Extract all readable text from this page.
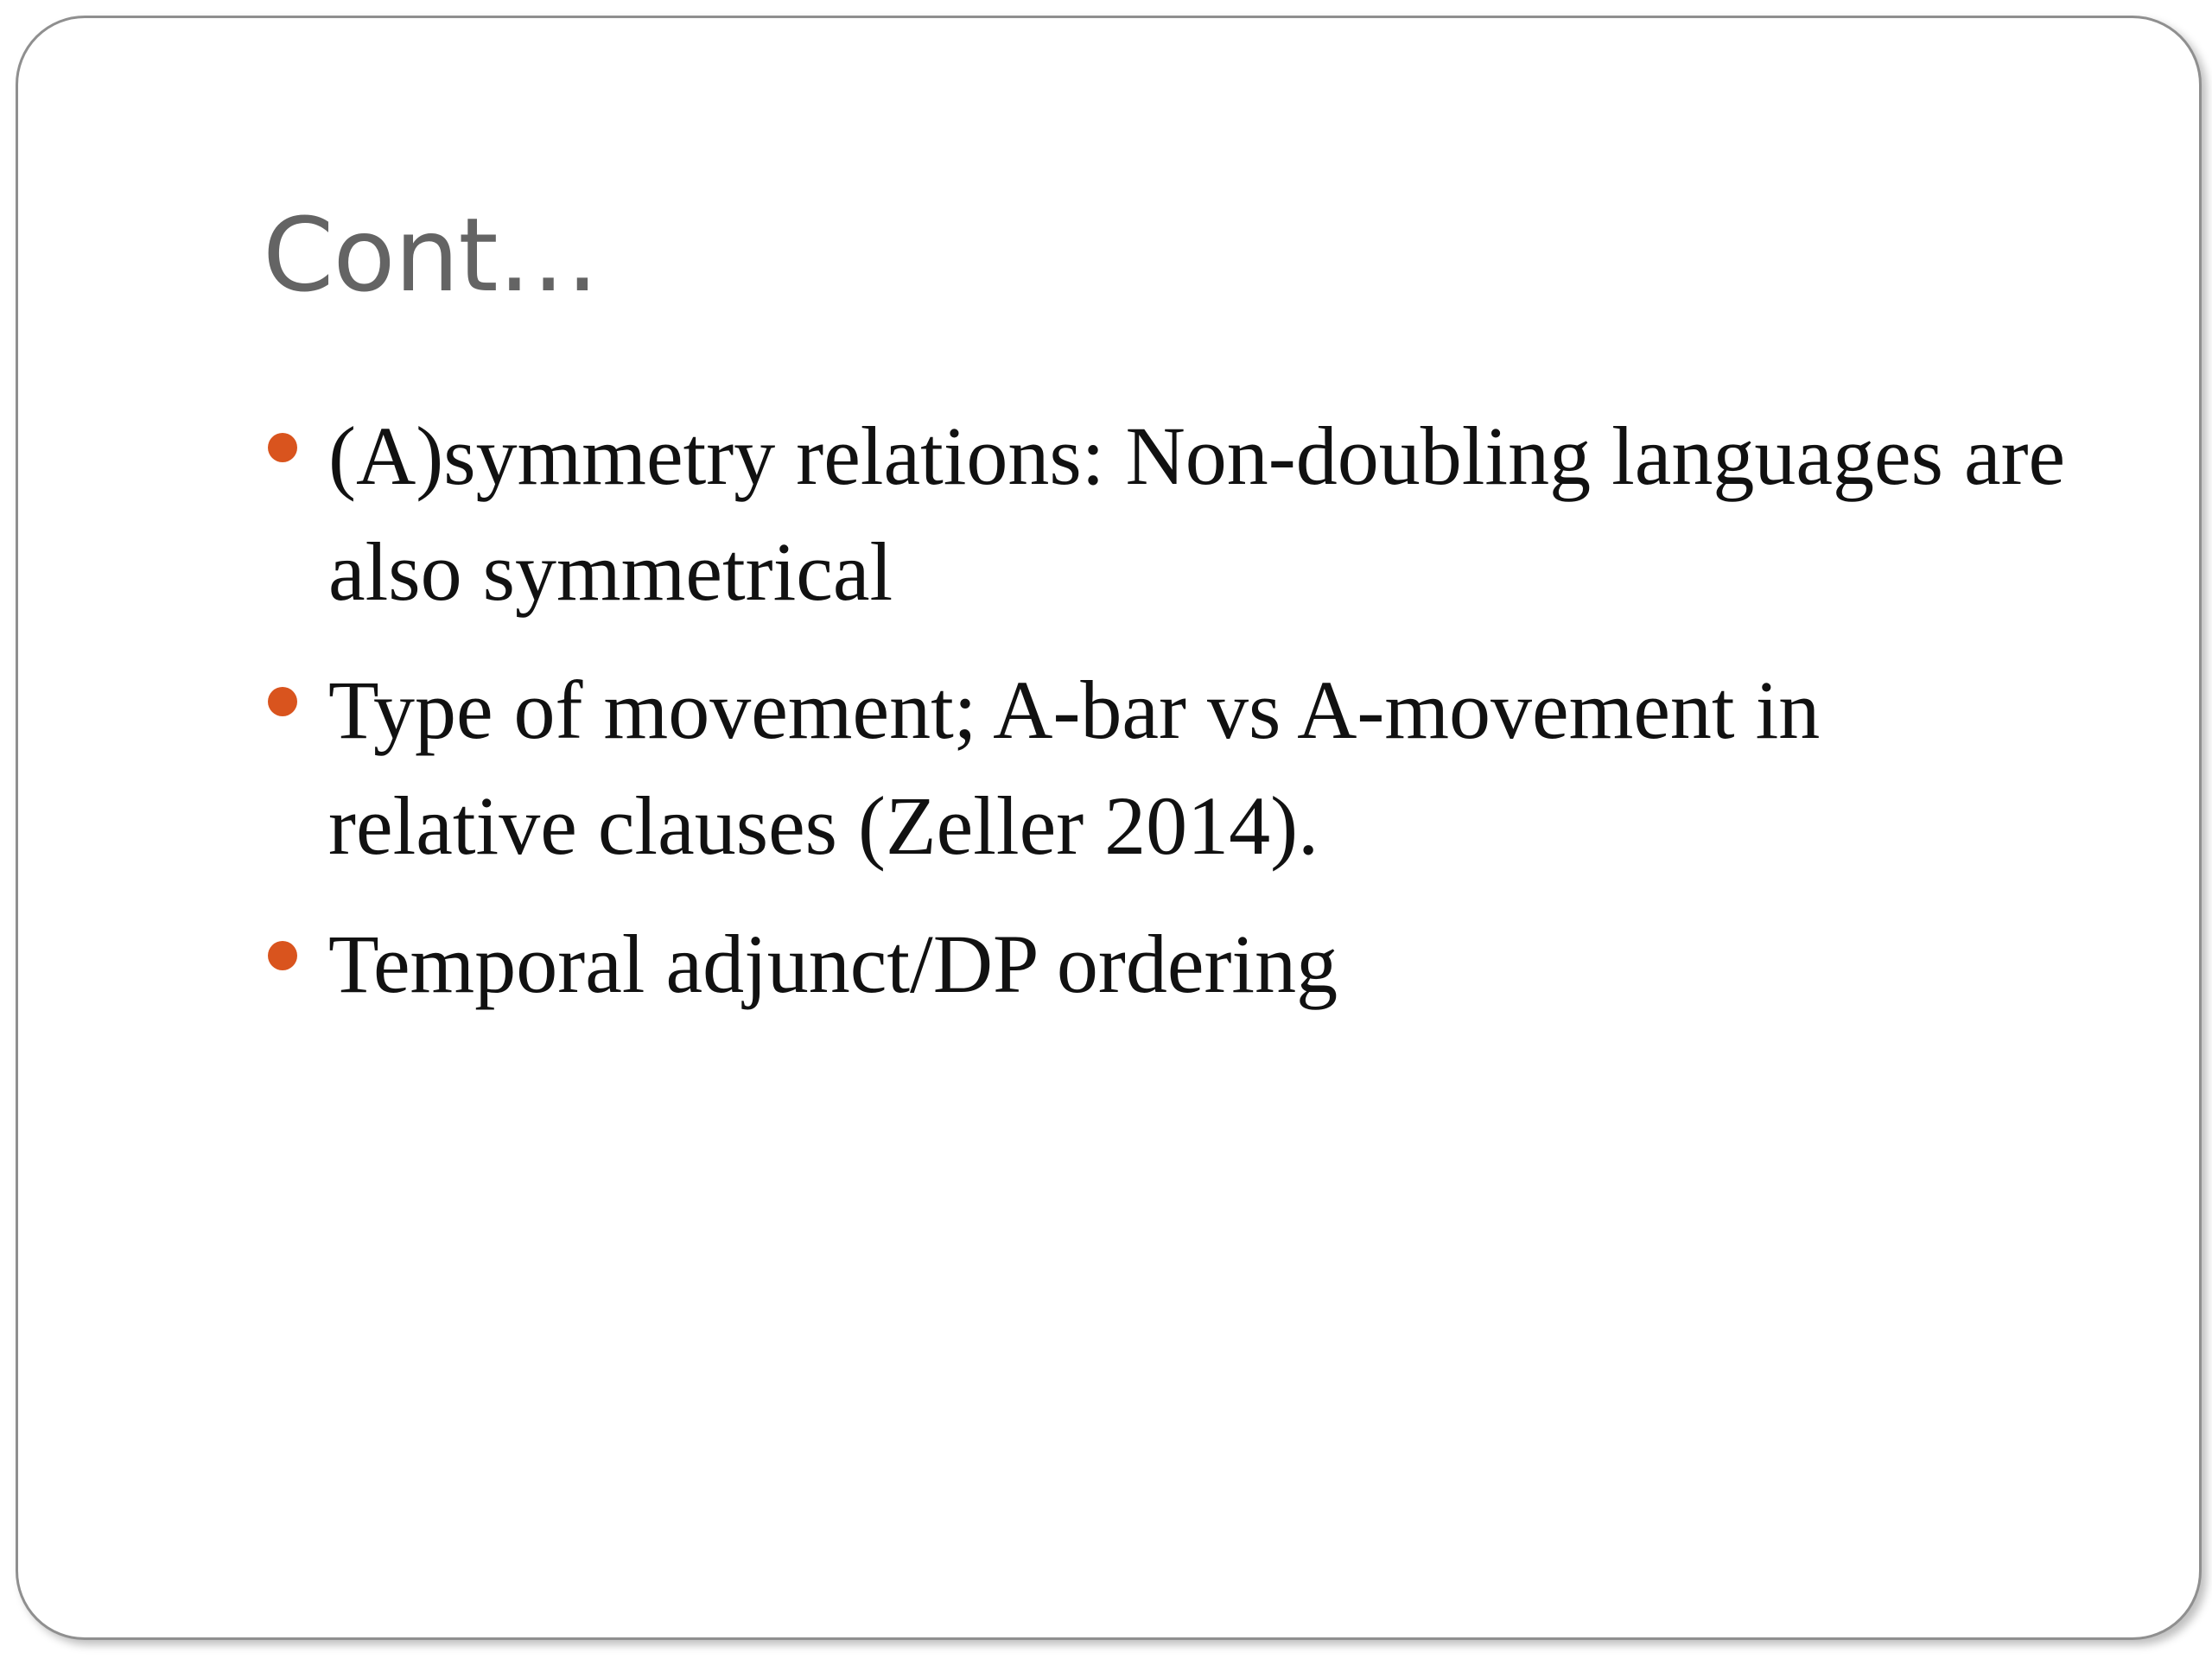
Cont…
(A)symmetry relations: Non-doubling languages are also symmetrical
Type of movement; A-bar vs A-movement in relative clauses (Zeller 2014).
Temporal adjunct/DP ordering
